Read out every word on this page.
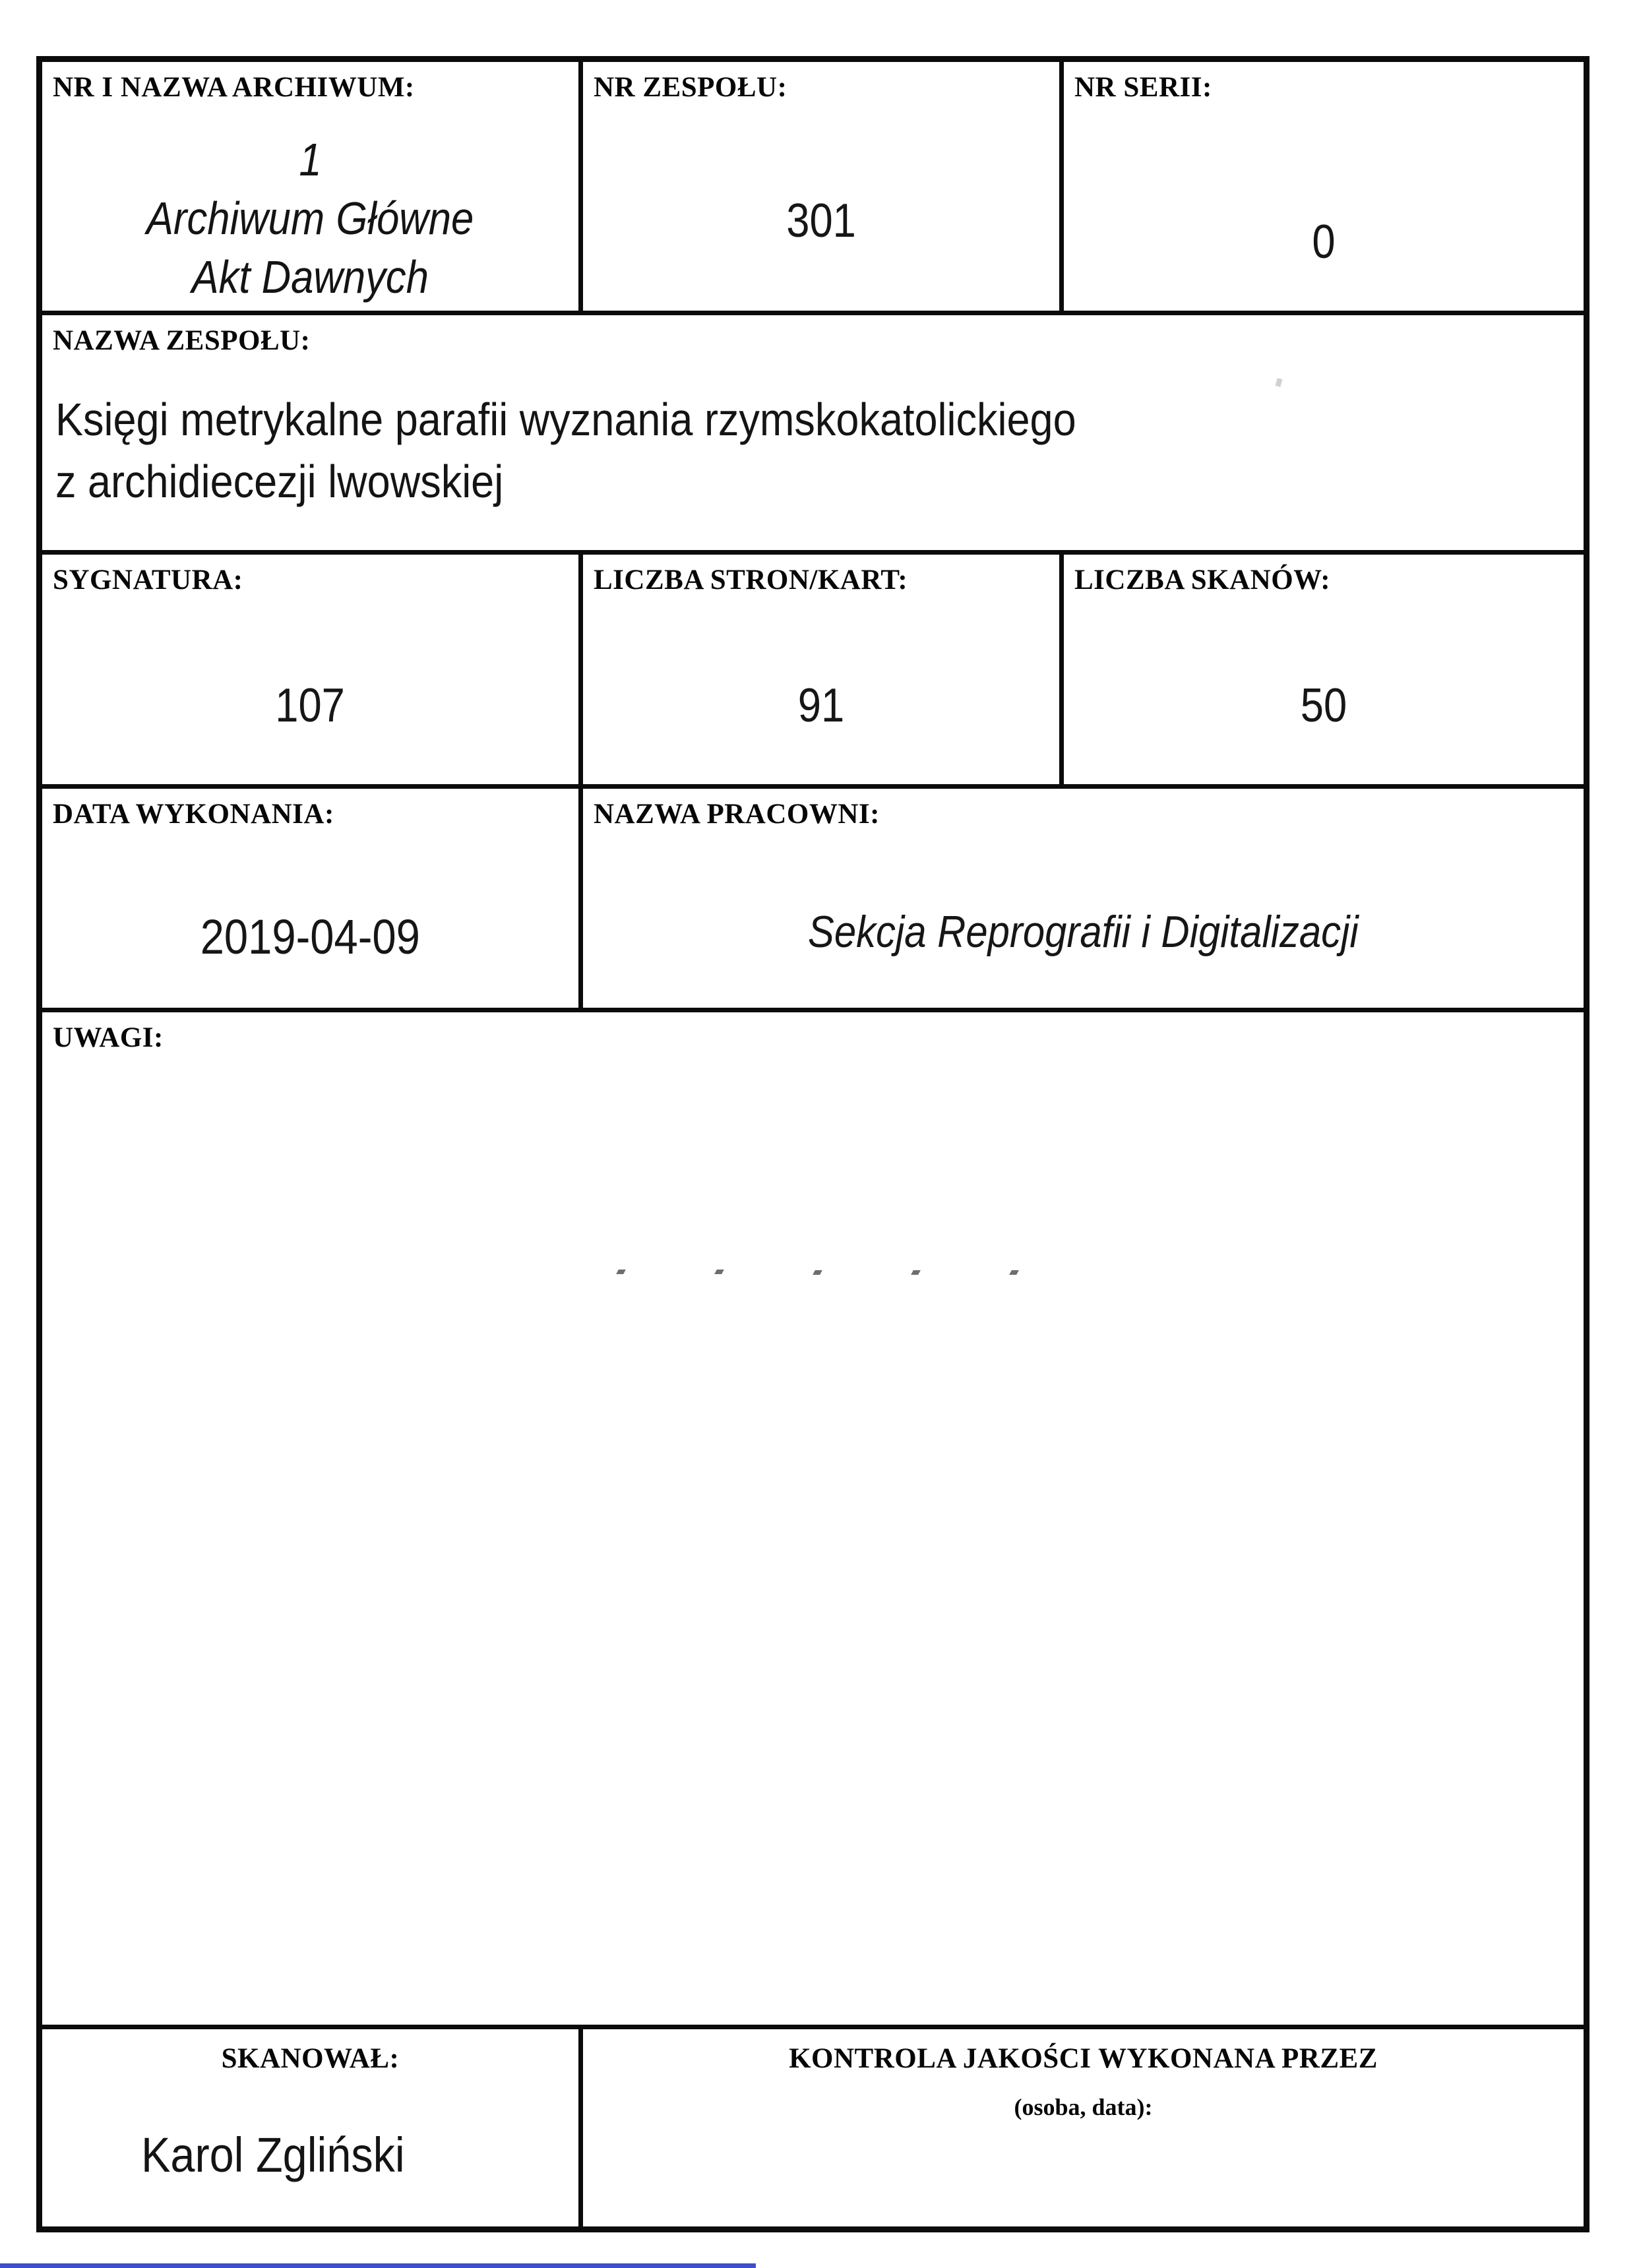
NR I NAZWA ARCHIWUM:
1
Archiwum Główne
Akt Dawnych
NR ZESPOŁU:
301
NR SERII:
0
NAZWA ZESPOŁU:
Księgi metrykalne parafii wyznania rzymskokatolickiego
z archidiecezji lwowskiej
SYGNATURA:
107
LICZBA STRON/KART:
91
LICZBA SKANÓW:
50
DATA WYKONANIA:
2019-04-09
NAZWA PRACOWNI:
Sekcja Reprografii i Digitalizacji
UWAGI:
SKANOWAŁ:
Karol Zgliński
KONTROLA JAKOŚCI WYKONANA PRZEZ
(osoba, data):
